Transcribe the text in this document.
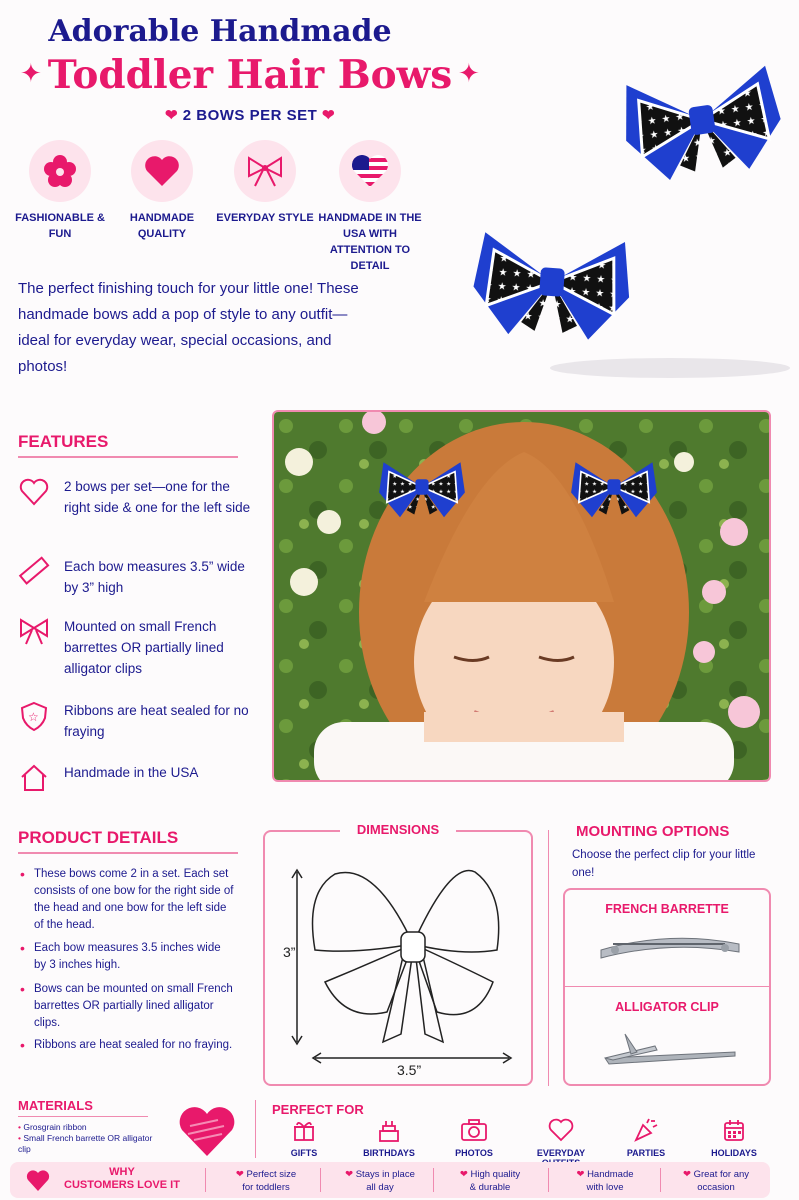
Adorable Handmade
✦ Toddler Hair Bows ✦
❤ 2 BOWS PER SET ❤
FASHIONABLE & FUN
HANDMADE QUALITY
EVERYDAY STYLE HANDMADE IN THE USA WITH ATTENTION TO DETAIL
The perfect finishing touch for your little one! These handmade bows add a pop of style to any outfit—ideal for everyday wear, special occasions, and photos!
FEATURES
2 bows per set—one for the right side & one for the left side
Each bow measures 3.5” wide by 3” high
Mounted on small French barrettes OR partially lined alligator clips
☆ Ribbons are heat sealed for no fraying
Handmade in the USA
PRODUCT DETAILS
• These bows come 2 in a set. Each set consists of one bow for the right side of the head and one bow for the left side of the head.
• Each bow measures 3.5 inches wide by 3 inches high.
• Bows can be mounted on small French barrettes OR partially lined alligator clips.
• Ribbons are heat sealed for no fraying.
3”
3.5”
DIMENSIONS	MOUNTING OPTIONS
Choose the perfect clip for your little one!
FRENCH BARRETTE
ALLIGATOR CLIP
MATERIALS
• Grosgrain ribbon
• Small French barrette OR alligator clip
PERFECT FOR
GIFTS	BIRTHDAYS	PHOTOS	EVERYDAY	PARTIES	HOLIDAYS
WHY
CUSTOMERS LOVE IT
❤ Perfect size
for toddlers
❤ Stays in place
all day
❤ High quality
& durable
❤ Handmade
with love
❤ Great for any
occasion
